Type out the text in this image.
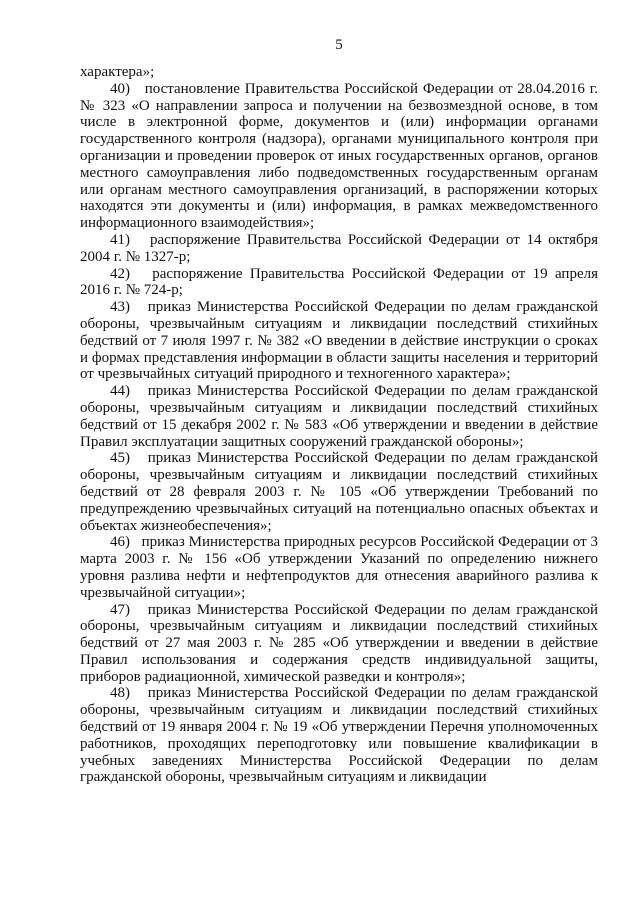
5

характера»;

40) постановление Правительства Российской Федерации от 28.04.2016 г. № 323 «О направлении запроса и получении на безвозмездной основе, в том числе в электронной форме, документов и (или) информации органами государственного контроля (надзора), органами муниципального контроля при организации и проведении проверок от иных государственных органов, органов местного самоуправления либо подведомственных государственным органам или органам местного самоуправления организаций, в распоряжении которых находятся эти документы и (или) информация, в рамках межведомственного информационного взаимодействия»;

41) распоряжение Правительства Российской Федерации от 14 октября 2004 г. № 1327-р;

42) распоряжение Правительства Российской Федерации от 19 апреля 2016 г. № 724-р;

43) приказ Министерства Российской Федерации по делам гражданской обороны, чрезвычайным ситуациям и ликвидации последствий стихийных бедствий от 7 июля 1997 г. № 382 «О введении в действие инструкции о сроках и формах представления информации в области защиты населения и территорий от чрезвычайных ситуаций природного и техногенного характера»;

44) приказ Министерства Российской Федерации по делам гражданской обороны, чрезвычайным ситуациям и ликвидации последствий стихийных бедствий от 15 декабря 2002 г. № 583 «Об утверждении и введении в действие Правил эксплуатации защитных сооружений гражданской обороны»;

45) приказ Министерства Российской Федерации по делам гражданской обороны, чрезвычайным ситуациям и ликвидации последствий стихийных бедствий от 28 февраля 2003 г. № 105 «Об утверждении Требований по предупреждению чрезвычайных ситуаций на потенциально опасных объектах и объектах жизнеобеспечения»;

46) приказ Министерства природных ресурсов Российской Федерации от 3 марта 2003 г. № 156 «Об утверждении Указаний по определению нижнего уровня разлива нефти и нефтепродуктов для отнесения аварийного разлива к чрезвычайной ситуации»;

47) приказ Министерства Российской Федерации по делам гражданской обороны, чрезвычайным ситуациям и ликвидации последствий стихийных бедствий от 27 мая 2003 г. № 285 «Об утверждении и введении в действие Правил использования и содержания средств индивидуальной защиты, приборов радиационной, химической разведки и контроля»;

48) приказ Министерства Российской Федерации по делам гражданской обороны, чрезвычайным ситуациям и ликвидации последствий стихийных бедствий от 19 января 2004 г. № 19 «Об утверждении Перечня уполномоченных работников, проходящих переподготовку или повышение квалификации в учебных заведениях Министерства Российской Федерации по делам гражданской обороны, чрезвычайным ситуациям и ликвидации
